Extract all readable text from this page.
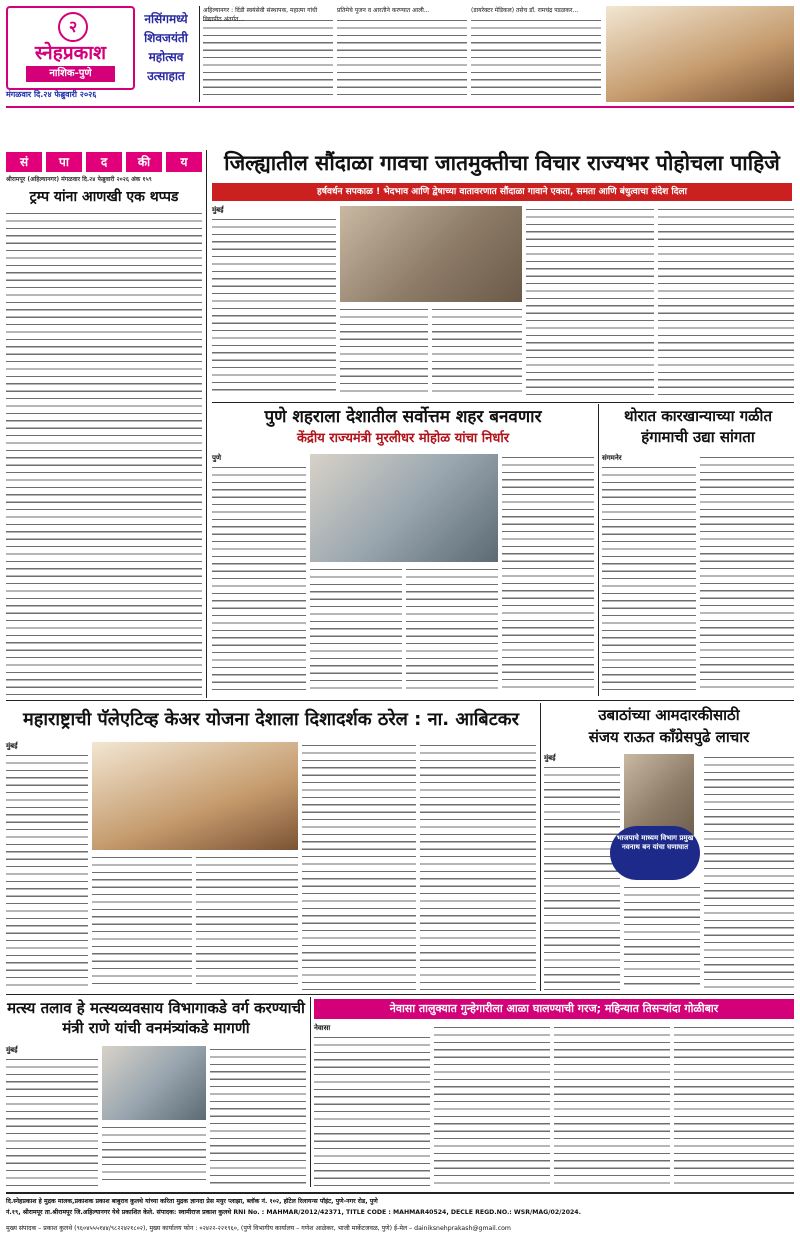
२
स्नेहप्रकाश
नाशिक-पुणे
मंगळवार दि.२४ फेब्रुवारी २०२६
नसिंगमध्ये शिवजयंती महोत्सव उत्साहात
अहिल्यानगर : दिंडी स्वयंसेवी संस्थापक, महात्मा गांधी विद्यापीठ अंतर्गत...
प्रतिमेचे पूजन व आरतीने करण्यात आली...	(डायरेक्टर मेडिकल) तसेच डॉ. रामचंद्र पडळकर...
सं	पा	द	की	य
श्रीरामपूर (अहिल्यानगर) मंगळवार दि.२४ फेब्रुवारी २०२६ अंक १५९
ट्रम्प यांना आणखी एक थप्पड
जिल्ह्यातील सौंदाळा गावचा जातमुक्तीचा विचार राज्यभर पोहोचला पाहिजे
हर्षवर्धन सपकाळ ! भेदभाव आणि द्वेषाच्या वातावरणात सौंदाळा गावाने एकता, समता आणि बंधुत्वाचा संदेश दिला
मुंबई
पुणे शहराला देशातील सर्वोत्तम शहर बनवणार
केंद्रीय राज्यमंत्री मुरलीधर मोहोळ यांचा निर्धार
पुणे
थोरात कारखान्याच्या गळीत हंगामाची उद्या सांगता
संगमनेर
महाराष्ट्राची पॅलेएटिव्ह केअर योजना देशाला दिशादर्शक ठरेल : ना. आबिटकर
मुंबई
उबाठांच्या आमदारकीसाठी
संजय राऊत काँग्रेसपुढे लाचार
मुंबई
भाजपाचे माध्यम विभाग प्रमुख नवनाथ बन यांचा घणाघात
मत्स्य तलाव हे मत्स्यव्यवसाय विभागाकडे वर्ग करण्याची मंत्री राणे यांची वनमंत्र्यांकडे मागणी
मुंबई
नेवासा तालुक्यात गुन्हेगारीला आळा घालण्याची गरज; महिन्यात तिसऱ्यांदा गोळीबार
नेवासा
दि.स्नेहप्रकाश हे मुद्रक मालक,प्रकाशक प्रकाश बाबुराव कुलथे यांच्या करिता मुद्रक ज्ञानदा प्रेस मयुर प्लाझा, ब्लॉक नं. १०२, हॉटेल रिलायन्स पॉइंट, पुणे-नगर रोड, पुणे
नं.१९, श्रीरामपूर ता.श्रीरामपूर जि.अहिल्यानगर येथे प्रकाशित केले. संपादक: स्वामीराज प्रकाश कुलथे RNI No. : MAHMAR/2012/42371, TITLE CODE : MAHMAR40524, DECLE REGD.NO.: WSR/MAG/02/2024.
मुख्य संपादक – प्रकाश कुलथे (९६०४५५५१४४/९८२२४२१८०२), मुख्य कार्यालय फोन : ०२४२२-२२१९६०, (पुणे विभागीय कार्यालय – गणेश आळेकर, भाजी मार्केटजवळ, पुणे) ई-मेल – dainiksnehprakash@gmail.com
